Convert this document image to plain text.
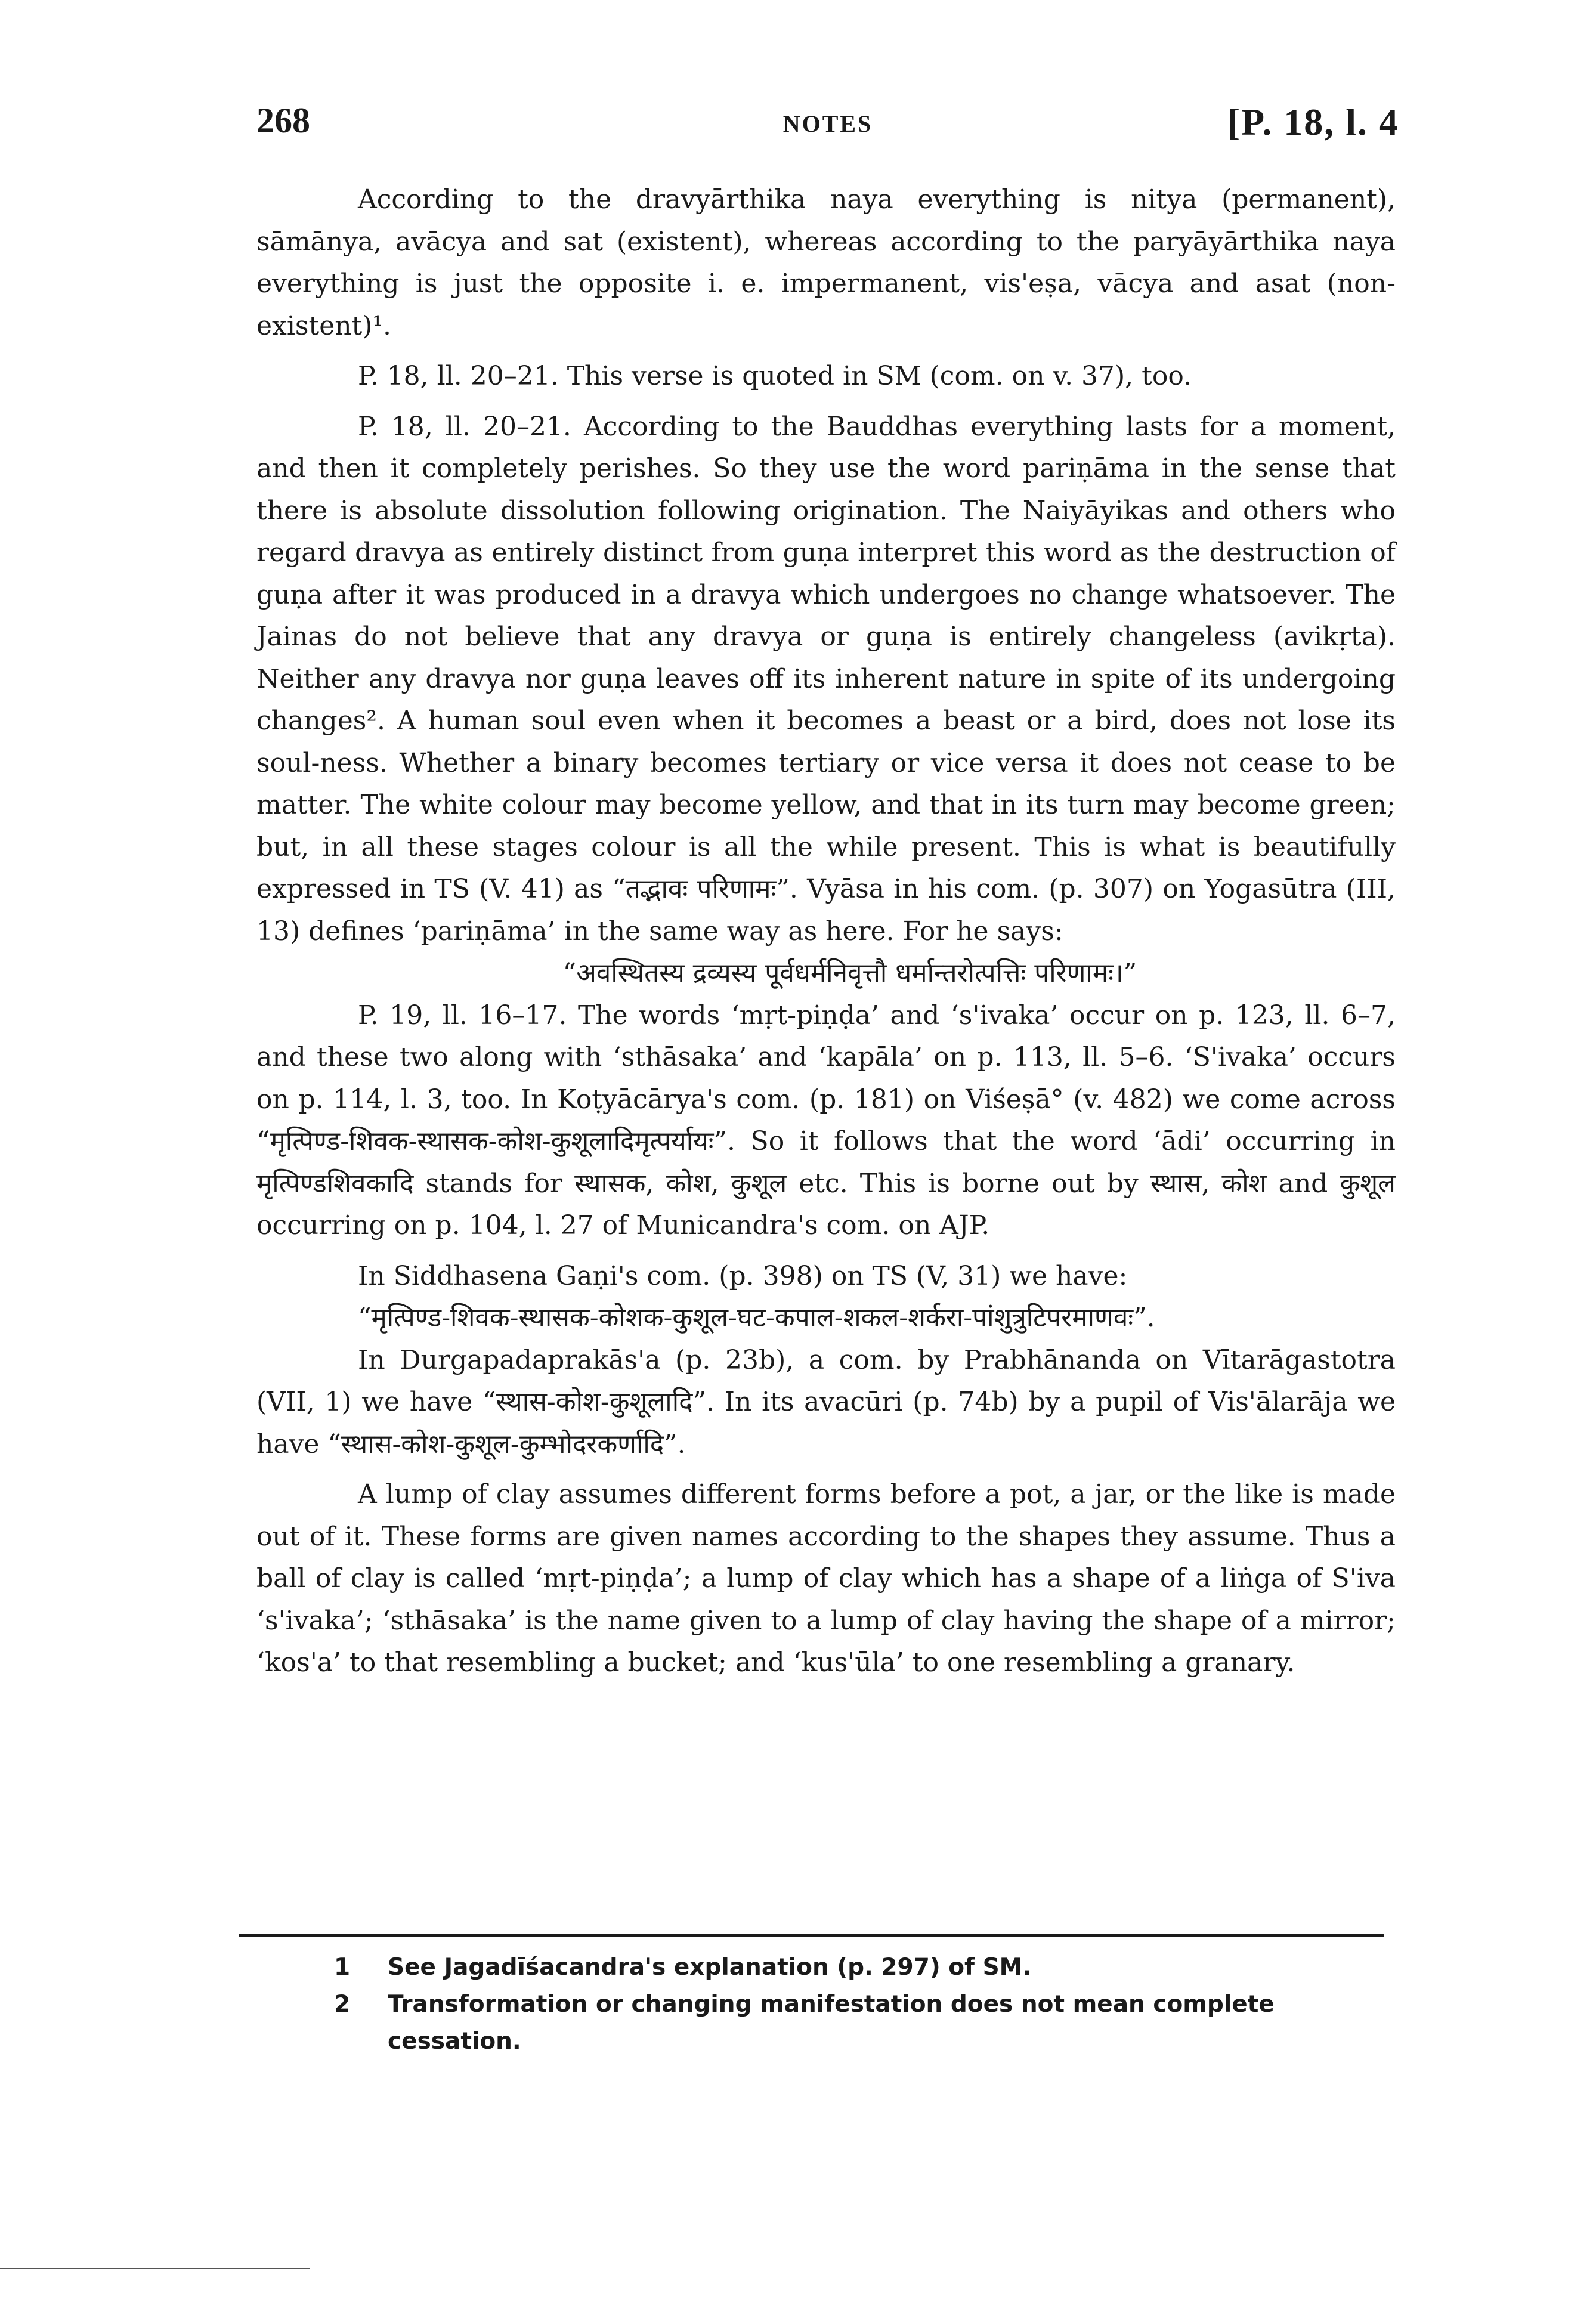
268	NOTES	[P. 18, l. 4

According to the dravyārthika naya everything is nitya (permanent), sāmānya, avācya and sat (existent), whereas according to the paryāyārthika naya everything is just the opposite i. e. impermanent, vis'eṣa, vācya and asat (non-existent)¹.

P. 18, ll. 20–21. This verse is quoted in SM (com. on v. 37), too.

P. 18, ll. 20–21. According to the Bauddhas everything lasts for a moment, and then it completely perishes. So they use the word pariṇāma in the sense that there is absolute dissolution following origination. The Naiyāyikas and others who regard dravya as entirely distinct from guṇa interpret this word as the destruction of guṇa after it was produced in a dravya which undergoes no change whatsoever. The Jainas do not believe that any dravya or guṇa is entirely changeless (avikṛta). Neither any dravya nor guṇa leaves off its inherent nature in spite of its undergoing changes². A human soul even when it becomes a beast or a bird, does not lose its soul-ness. Whether a binary becomes tertiary or vice versa it does not cease to be matter. The white colour may become yellow, and that in its turn may become green; but, in all these stages colour is all the while present. This is what is beautifully expressed in TS (V. 41) as “तद्भावः परिणामः”. Vyāsa in his com. (p. 307) on Yogasūtra (III, 13) defines ‘pariṇāma’ in the same way as here. For he says:

“अवस्थितस्य द्रव्यस्य पूर्वधर्मनिवृत्तौ धर्मान्तरोत्पत्तिः परिणामः।”

P. 19, ll. 16–17. The words ‘mṛt-piṇḍa’ and ‘s'ivaka’ occur on p. 123, ll. 6–7, and these two along with ‘sthāsaka’ and ‘kapāla’ on p. 113, ll. 5–6. ‘S'ivaka’ occurs on p. 114, l. 3, too. In Koṭyācārya's com. (p. 181) on Viśeṣā° (v. 482) we come across “मृत्पिण्ड-शिवक-स्थासक-कोश-कुशूलादिमृत्पर्यायः”. So it follows that the word ‘ādi’ occurring in मृत्पिण्डशिवकादि stands for स्थासक, कोश, कुशूल etc. This is borne out by स्थास, कोश and कुशूल occurring on p. 104, l. 27 of Municandra's com. on AJP.

In Siddhasena Gaṇi's com. (p. 398) on TS (V, 31) we have:

“मृत्पिण्ड-शिवक-स्थासक-कोशक-कुशूल-घट-कपाल-शकल-शर्करा-पांशुत्रुटिपरमाणवः”.

In Durgapadaprakās'a (p. 23b), a com. by Prabhānanda on Vītarāgastotra (VII, 1) we have “स्थास-कोश-कुशूलादि”. In its avacūri (p. 74b) by a pupil of Vis'ālarāja we have “स्थास-कोश-कुशूल-कुम्भोदरकर्णादि”.

A lump of clay assumes different forms before a pot, a jar, or the like is made out of it. These forms are given names according to the shapes they assume. Thus a ball of clay is called ‘mṛt-piṇḍa’; a lump of clay which has a shape of a liṅga of S'iva ‘s'ivaka’; ‘sthāsaka’ is the name given to a lump of clay having the shape of a mirror; ‘kos'a’ to that resembling a bucket; and ‘kus'ūla’ to one resembling a granary.

1 See Jagadīśacandra's explanation (p. 297) of SM.
2 Transformation or changing manifestation does not mean complete cessation.
